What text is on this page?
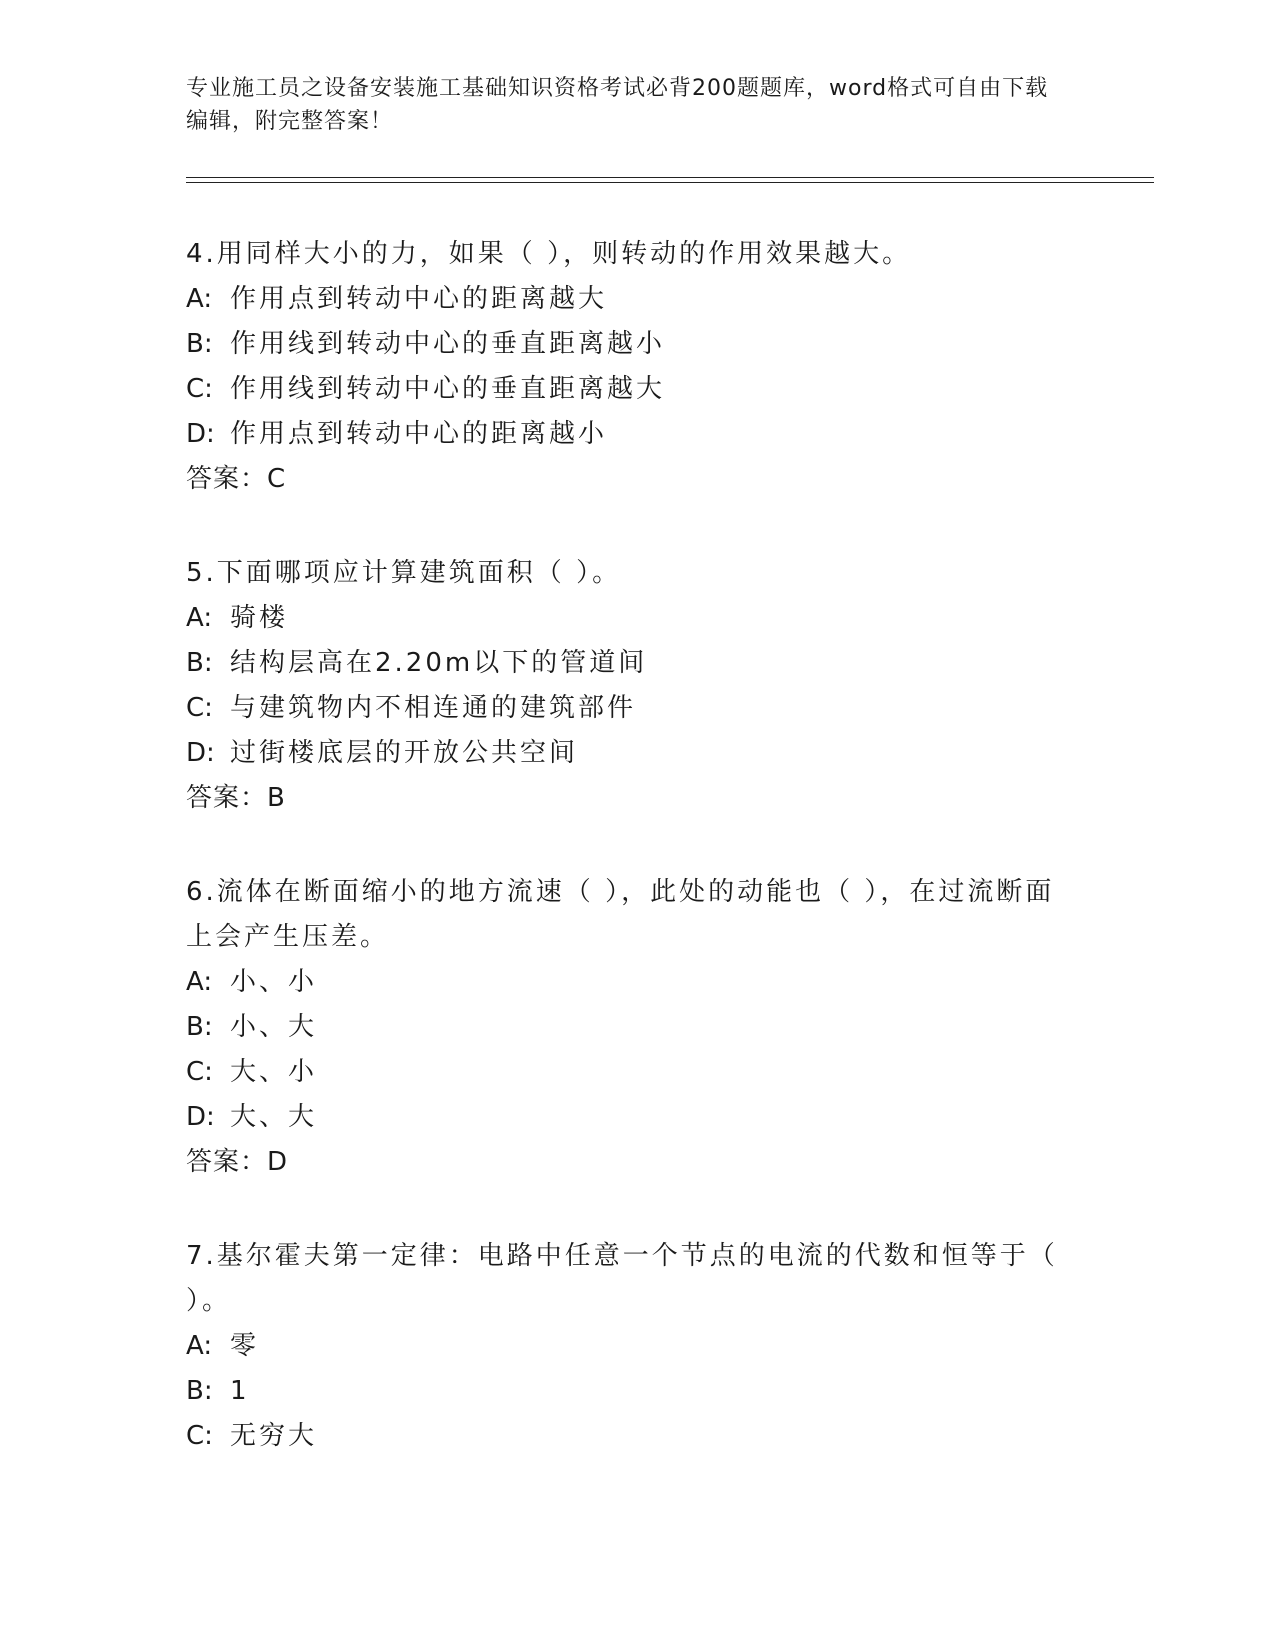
专业施工员之设备安装施工基础知识资格考试必背200题题库，word格式可自由下载编辑，附完整答案！

4.用同样大小的力，如果（ ），则转动的作用效果越大。

A: 作用点到转动中心的距离越大
B: 作用线到转动中心的垂直距离越小
C: 作用线到转动中心的垂直距离越大
D: 作用点到转动中心的距离越小
答案：C

5.下面哪项应计算建筑面积（ ）。

A: 骑楼
B: 结构层高在2.20m以下的管道间
C: 与建筑物内不相连通的建筑部件
D: 过街楼底层的开放公共空间
答案：B

6.流体在断面缩小的地方流速（ ），此处的动能也（ ），在过流断面上会产生压差。

A: 小、小
B: 小、大
C: 大、小
D: 大、大
答案：D

7.基尔霍夫第一定律：电路中任意一个节点的电流的代数和恒等于（ ）。

A: 零
B: 1
C: 无穷大
